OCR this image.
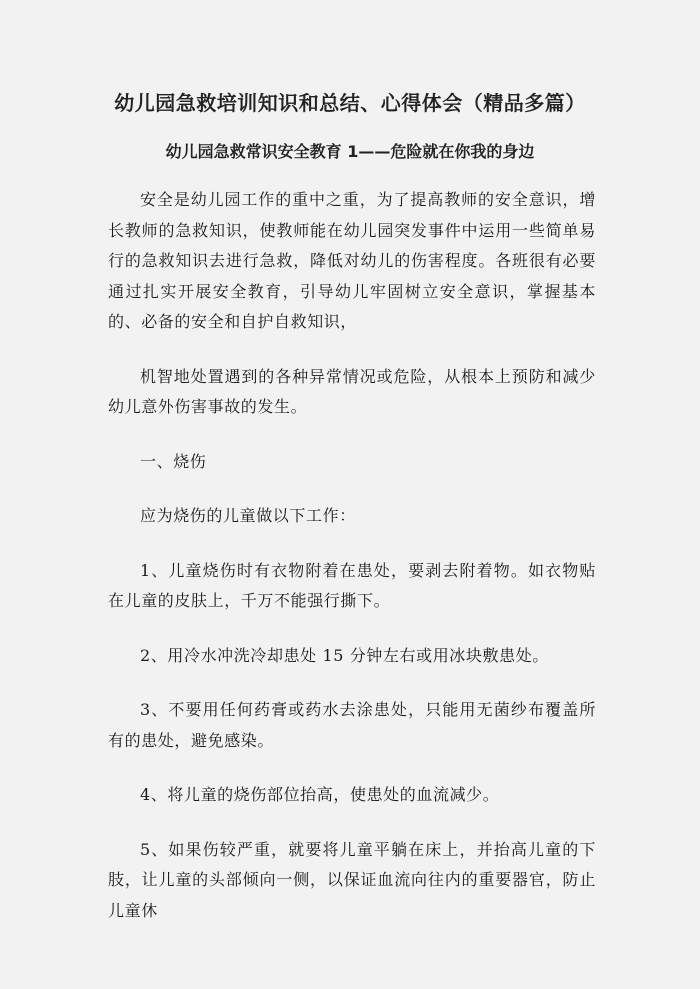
幼儿园急救培训知识和总结、心得体会（精品多篇）
幼儿园急救常识安全教育 1——危险就在你我的身边

安全是幼儿园工作的重中之重，为了提高教师的安全意识，增长教师的急救知识，使教师能在幼儿园突发事件中运用一些简单易行的急救知识去进行急救，降低对幼儿的伤害程度。各班很有必要通过扎实开展安全教育，引导幼儿牢固树立安全意识，掌握基本的、必备的安全和自护自救知识，

机智地处置遇到的各种异常情况或危险，从根本上预防和减少幼儿意外伤害事故的发生。

一、烧伤

应为烧伤的儿童做以下工作：

1、儿童烧伤时有衣物附着在患处，要剥去附着物。如衣物贴在儿童的皮肤上，千万不能强行撕下。

2、用冷水冲洗冷却患处 15 分钟左右或用冰块敷患处。

3、不要用任何药膏或药水去涂患处，只能用无菌纱布覆盖所有的患处，避免感染。

4、将儿童的烧伤部位抬高，使患处的血流减少。

5、如果伤较严重，就要将儿童平躺在床上，并抬高儿童的下肢，让儿童的头部倾向一侧，以保证血流向往内的重要器官，防止儿童休
